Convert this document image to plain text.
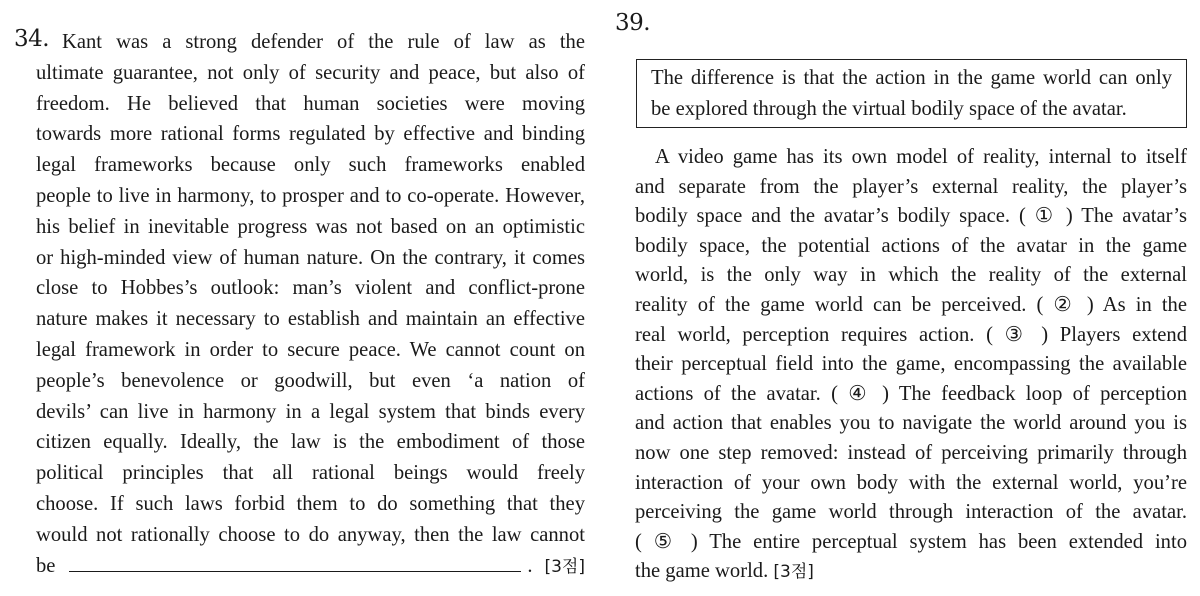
34. Kant was a strong defender of the rule of law as the
ultimate guarantee, not only of security and peace, but also of
freedom. He believed that human societies were moving
towards more rational forms regulated by effective and binding
legal frameworks because only such frameworks enabled
people to live in harmony, to prosper and to co-operate. However,
his belief in inevitable progress was not based on an optimistic
or high-minded view of human nature. On the contrary, it comes
close to Hobbes’s outlook: man’s violent and conflict-prone
nature makes it necessary to establish and maintain an effective
legal framework in order to secure peace. We cannot count on
people’s benevolence or goodwill, but even ‘a nation of
devils’ can live in harmony in a legal system that binds every
citizen equally. Ideally, the law is the embodiment of those
political principles that all rational beings would freely
choose. If such laws forbid them to do something that they
would not rationally choose to do anyway, then the law cannot
be	. [3점]
39.
The difference is that the action in the game world can only
be explored through the virtual bodily space of the avatar.
A video game has its own model of reality, internal to itself
and separate from the player’s external reality, the player’s
bodily space and the avatar’s bodily space. ( ① ) The avatar’s
bodily space, the potential actions of the avatar in the game
world, is the only way in which the reality of the external
reality of the game world can be perceived. ( ② ) As in the
real world, perception requires action. ( ③ ) Players extend
their perceptual field into the game, encompassing the available
actions of the avatar. ( ④ ) The feedback loop of perception
and action that enables you to navigate the world around you is
now one step removed: instead of perceiving primarily through
interaction of your own body with the external world, you’re
perceiving the game world through interaction of the avatar.
( ⑤ ) The entire perceptual system has been extended into
the game world. [3점]
